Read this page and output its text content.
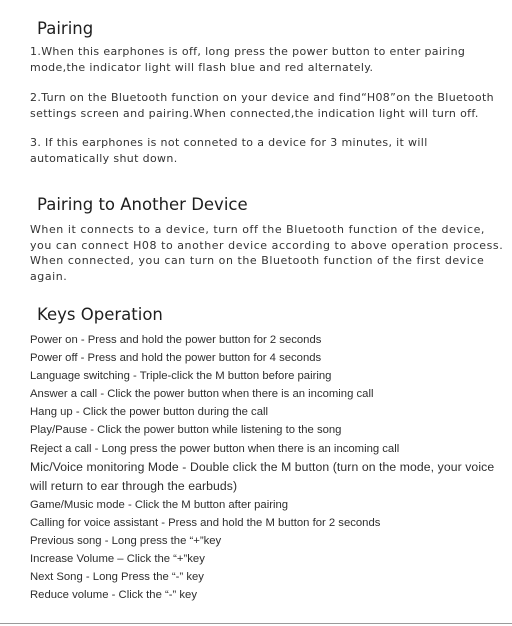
Pairing

1.When this earphones is off, long press the power button to enter pairing mode,the indicator light will flash blue and red alternately.

2.Turn on the Bluetooth function on your device and find“H08”on the Bluetooth settings screen and pairing.When connected,the indication light will turn off.

3. If this earphones is not conneted to a device for 3 minutes, it will automatically shut down.

Pairing to Another Device

When it connects to a device, turn off the Bluetooth function of the device, you can connect H08 to another device according to above operation process. When connected, you can turn on the Bluetooth function of the first device again.

Keys Operation
Power on - Press and hold the power button for 2 seconds
Power off - Press and hold the power button for 4 seconds
Language switching - Triple-click the M button before pairing
Answer a call - Click the power button when there is an incoming call
Hang up - Click the power button during the call
Play/Pause - Click the power button while listening to the song
Reject a call - Long press the power button when there is an incoming call
Mic/Voice monitoring Mode - Double click the M button (turn on the mode, your voice will return to ear through the earbuds)
Game/Music mode - Click the M button after pairing
Calling for voice assistant - Press and hold the M button for 2 seconds
Previous song - Long press the “+”key
Increase Volume – Click the “+”key
Next Song - Long Press the “-” key
Reduce volume - Click the “-” key
